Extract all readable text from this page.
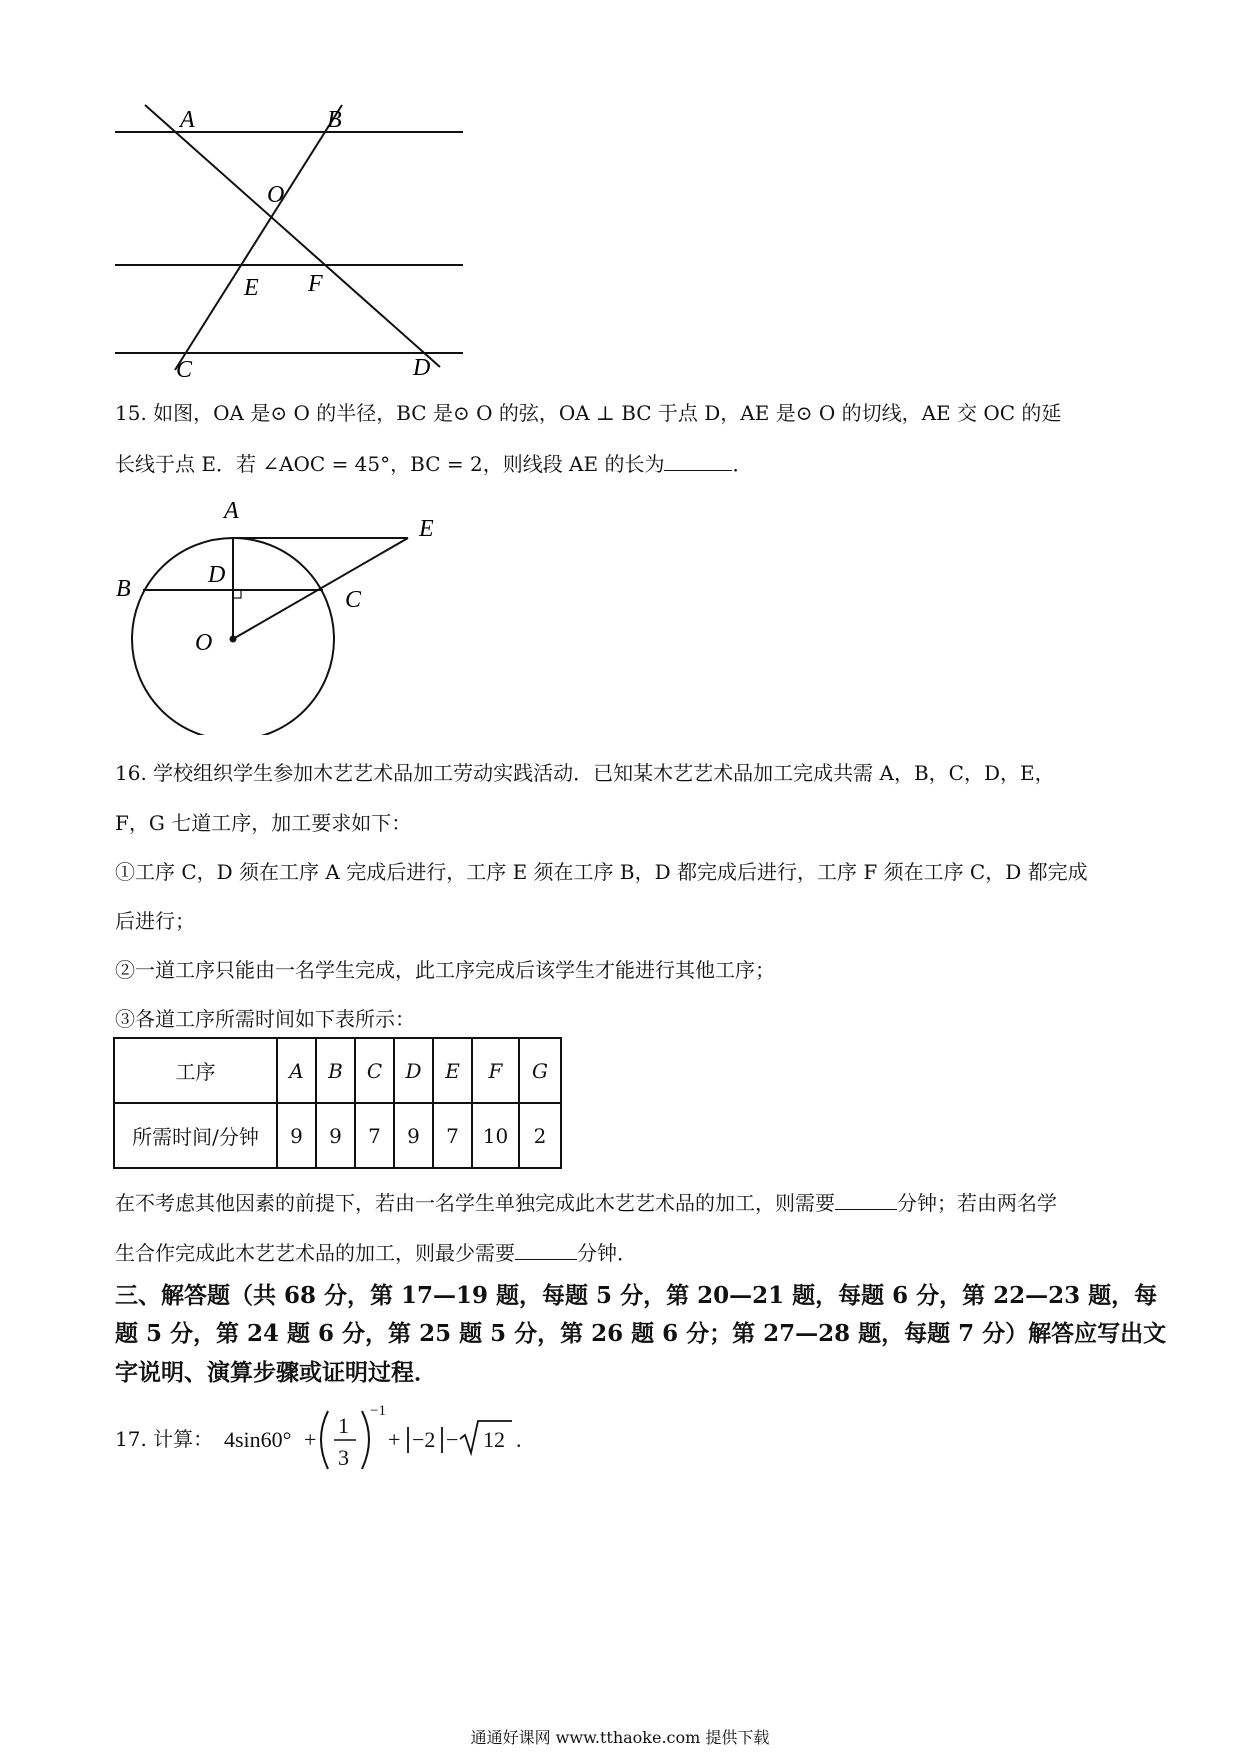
A	B
O
E F
C	D
15. 如图，OA 是⊙ O 的半径，BC 是⊙ O 的弦，OA ⊥ BC 于点 D，AE 是⊙ O 的切线，AE 交 OC 的延
长线于点 E．若 ∠AOC = 45°，BC = 2，则线段 AE 的长为	．
A
E
D
B	C
O
16. 学校组织学生参加木艺艺术品加工劳动实践活动．已知某木艺艺术品加工完成共需 A，B，C，D，E，
F，G 七道工序，加工要求如下：
①工序 C，D 须在工序 A 完成后进行，工序 E 须在工序 B，D 都完成后进行，工序 F 须在工序 C，D 都完成
后进行；
②一道工序只能由一名学生完成，此工序完成后该学生才能进行其他工序；
③各道工序所需时间如下表所示：
工序	A	B	C	D	E	F	G
所需时间/分钟	9	9	7	9	7	10	2
在不考虑其他因素的前提下，若由一名学生单独完成此木艺艺术品的加工，则需要	分钟；若由两名学
生合作完成此木艺艺术品的加工，则最少需要	分钟．
三、解答题（共 68 分，第 17—19 题，每题 5 分，第 20—21 题，每题 6 分，第 22—23 题，每
题 5 分，第 24 题 6 分，第 25 题 5 分，第 26 题 6 分；第 27—28 题，每题 7 分）解答应写出文
字说明、演算步骤或证明过程．
17. 计算： 4sin60° +
1
3
−1
+ −2 − 12 .
通通好课网 www.tthaoke.com 提供下载
